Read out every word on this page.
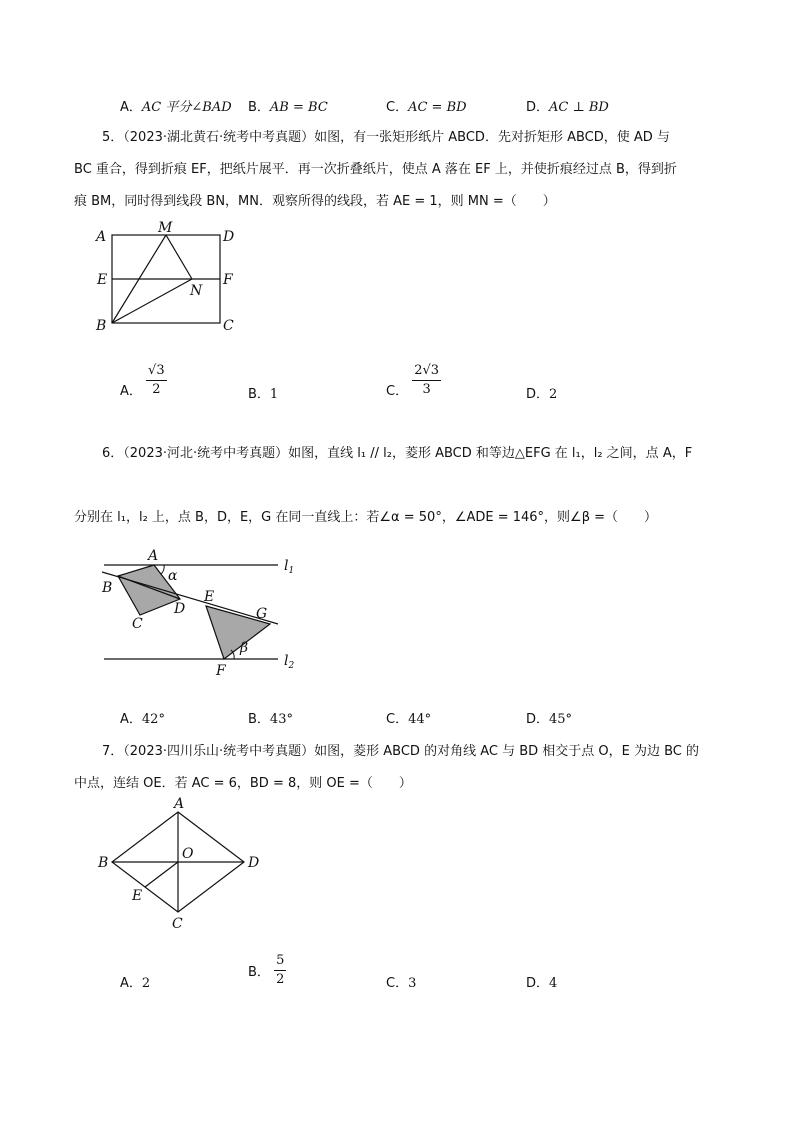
A．AC 平分∠BAD B．AB = BC	C．AC = BD	D．AC ⊥ BD
5．（2023·湖北黄石·统考中考真题）如图，有一张矩形纸片 ABCD．先对折矩形 ABCD，使 AD 与
BC 重合，得到折痕 EF，把纸片展平．再一次折叠纸片，使点 A 落在 EF 上，并使折痕经过点 B，得到折
痕 BM，同时得到线段 BN，MN．观察所得的线段，若 AE = 1，则 MN =（　　）
A
M
D
E	F
N
B	C
A． $\frac{√3}{2}$	B．1	C． $\frac{2√3}{3}$	D．2
6．（2023·河北·统考中考真题）如图，直线 l₁ // l₂，菱形 ABCD 和等边△EFG 在 l₁，l₂ 之间，点 A，F
分别在 l₁，l₂ 上，点 B，D，E，G 在同一直线上：若∠α = 50°，∠ADE = 146°，则∠β =（　　）
A
α
B
D
E
G
C
β
F
$l_1$
$l_2$
A．42°	B．43°	C．44°	D．45°
7．（2023·四川乐山·统考中考真题）如图，菱形 ABCD 的对角线 AC 与 BD 相交于点 O，E 为边 BC 的
中点，连结 OE．若 AC = 6，BD = 8，则 OE =（　　）
A
B
O
D
E
C
A．2
B． $\frac{5}{2}$	C．3	D．4
